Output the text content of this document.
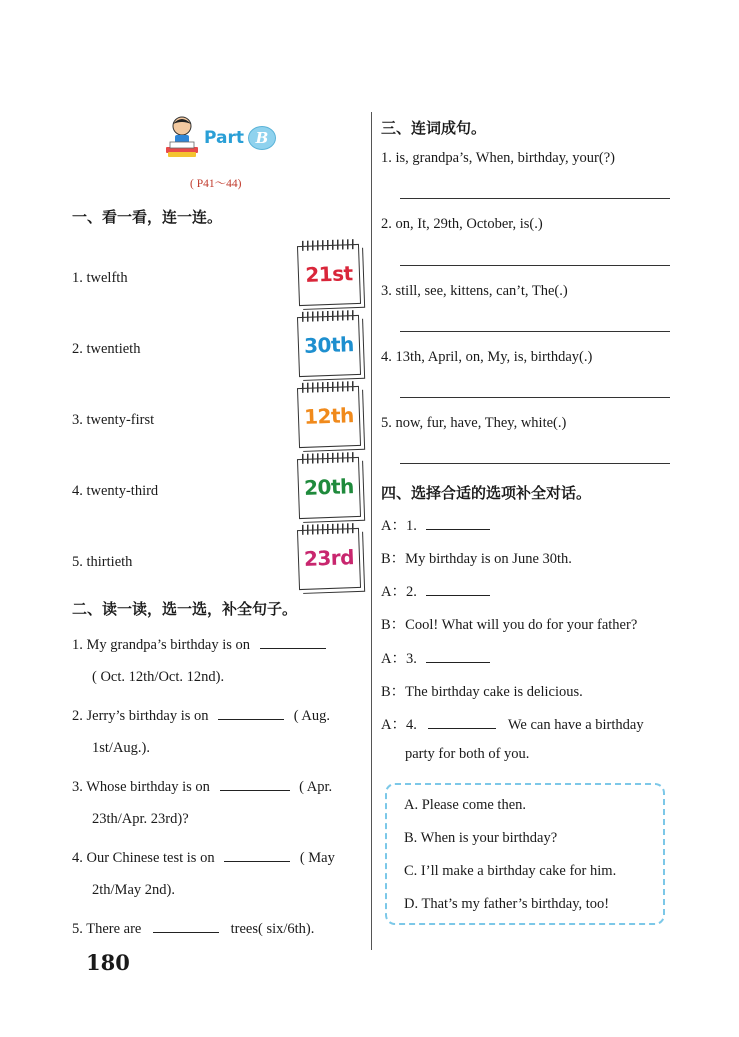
Part B
( P41～44)
一、看一看，连一连。
1. twelfth
2. twentieth
3. twenty-first
4. twenty-third
5. thirtieth
21st
30th
12th
20th
23rd
二、读一读，选一选，补全句子。
1. My grandpa’s birthday is on
( Oct. 12th/Oct. 12nd).
2. Jerry’s birthday is on	( Aug.
1st/Aug.).
3. Whose birthday is on	( Apr.
23th/Apr. 23rd)?
4. Our Chinese test is on	( May
2th/May 2nd).
5. There are	trees( six/6th).
三、连词成句。
1. is, grandpa’s, When, birthday, your(?)
2. on, It, 29th, October, is(.)
3. still, see, kittens, can’t, The(.)
4. 13th, April, on, My, is, birthday(.)
5. now, fur, have, They, white(.)
四、选择合适的选项补全对话。
A：1.
B：My birthday is on June 30th.
A：2.
B：Cool! What will you do for your father?
A：3.
B：The birthday cake is delicious.
A：4.	We can have a birthday
party for both of you.
A. Please come then.
B. When is your birthday?
C. I’ll make a birthday cake for him.
D. That’s my father’s birthday, too!
180
